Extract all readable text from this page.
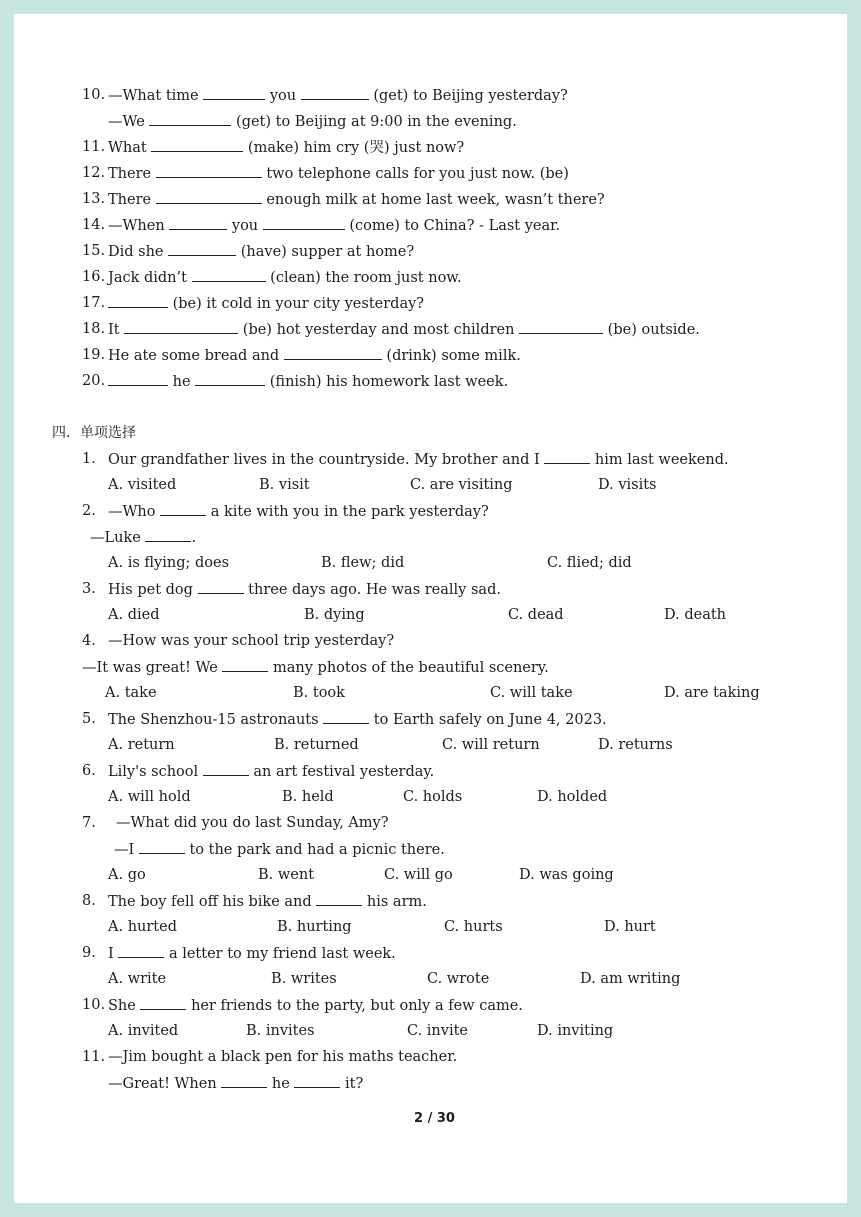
10. —What time	you	(get) to Beijing yesterday?
—We	(get) to Beijing at 9:00 in the evening.
11. What	(make) him cry (哭) just now?
12. There	two telephone calls for you just now. (be)
13. There	enough milk at home last week, wasn’t there?
14. —When	you	(come) to China? - Last year.
15. Did she	(have) supper at home?
16. Jack didn’t	(clean) the room just now.
17.	(be) it cold in your city yesterday?
18. It	(be) hot yesterday and most children	(be) outside.
19. He ate some bread and	(drink) some milk.
20.	he	(finish) his homework last week.
四．单项选择
1. Our grandfather lives in the countryside. My brother and I	him last weekend.
A. visited	B. visit	C. are visiting	D. visits
2. —Who	a kite with you in the park yesterday?
—Luke	.
A. is flying; does	B. flew; did	C. flied; did
3. His pet dog	three days ago. He was really sad.
A. died	B. dying	C. dead	D. death
4. —How was your school trip yesterday?
—It was great! We	many photos of the beautiful scenery.
A. take	B. took	C. will take	D. are taking
5. The Shenzhou-15 astronauts	to Earth safely on June 4, 2023.
A. return	B. returned	C. will return	D. returns
6. Lily's school	an art festival yesterday.
A. will hold	B. held	C. holds	D. holded
7. —What did you do last Sunday, Amy?
—I	to the park and had a picnic there.
A. go	B. went	C. will go	D. was going
8. The boy fell off his bike and	his arm.
A. hurted	B. hurting	C. hurts	D. hurt
9. I	a letter to my friend last week.
A. write	B. writes	C. wrote	D. am writing
10. She	her friends to the party, but only a few came.
A. invited	B. invites	C. invite	D. inviting
11. —Jim bought a black pen for his maths teacher.
—Great! When	he	it?
2 / 30
